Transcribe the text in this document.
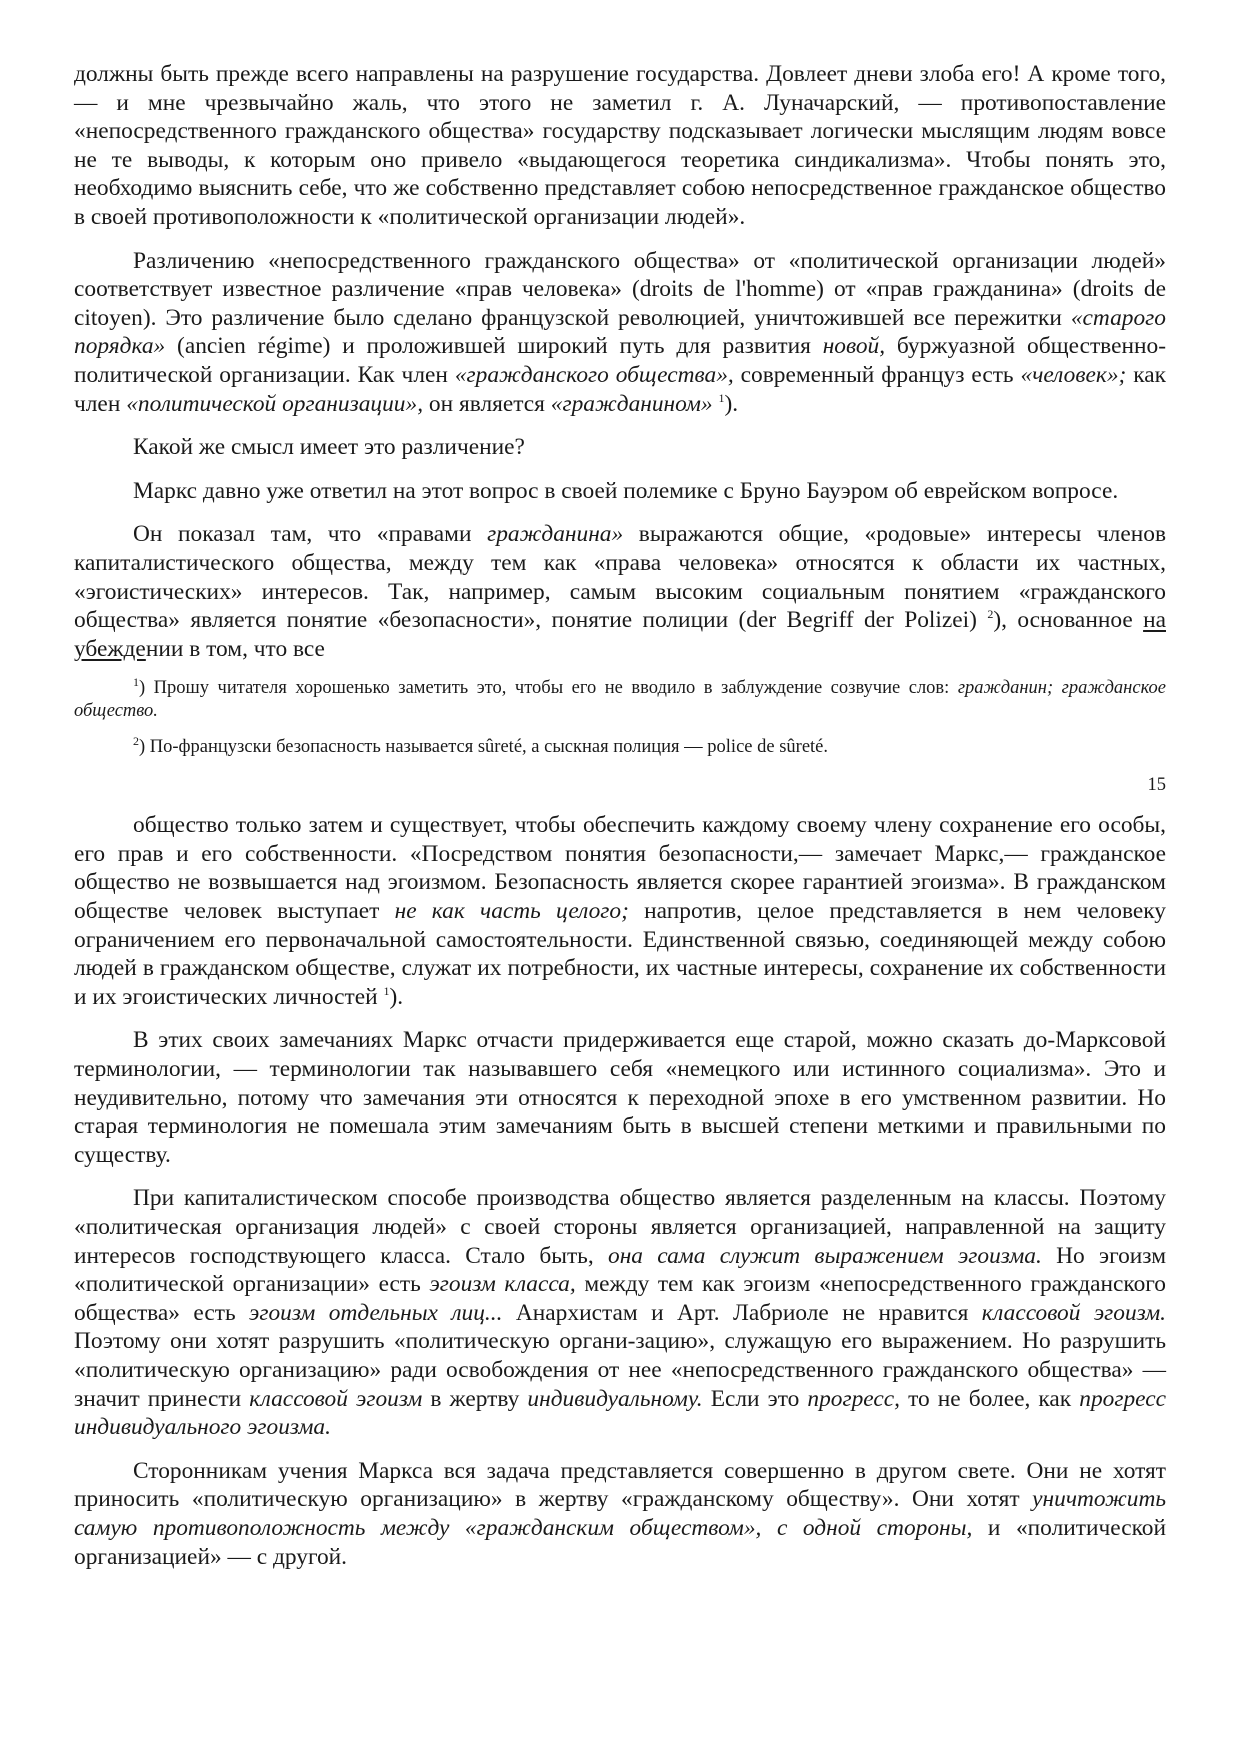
должны быть прежде всего направлены на разрушение государства. Довлеет дневи злоба его! А кроме того,— и мне чрезвычайно жаль, что этого не заметил г. А. Луначарский, — противопоставление «непосредственного гражданского общества» государству подсказывает логически мыслящим людям вовсе не те выводы, к которым оно привело «выдающегося теоретика синдикализма». Чтобы понять это, необходимо выяснить себе, что же собственно представляет собою непосредственное гражданское общество в своей противоположности к «политической организации людей».

Различению «непосредственного гражданского общества» от «политической организации людей» соответствует известное различение «прав человека» (droits de l'homme) от «прав гражданина» (droits de citoyen). Это различение было сделано французской революцией, уничтожившей все пережитки «старого порядка» (ancien régime) и проложившей широкий путь для развития новой, буржуазной общественно-политической организации. Как член «гражданского общества», современный француз есть «человек»; как член «политической организации», он является «гражданином» $^1$).

Какой же смысл имеет это различение?

Маркс давно уже ответил на этот вопрос в своей полемике с Бруно Бауэром об еврейском вопросе.

Он показал там, что «правами гражданина» выражаются общие, «родовые» интересы членов капиталистического общества, между тем как «права человека» относятся к области их частных, «эгоистических» интересов. Так, например, самым высоким социальным понятием «гражданского общества» является понятие «безопасности», понятие полиции (der Begriff der Polizei) $^2$), основанное на убеждении в том, что все

$^1$) Прошу читателя хорошенько заметить это, чтобы его не вводило в заблуждение созвучие слов: гражданин; гражданское общество.

$^2$) По-французски безопасность называется sûreté, а сыскная полиция — police de sûreté.

15

общество только затем и существует, чтобы обеспечить каждому своему члену сохранение его особы, его прав и его собственности. «Посредством понятия безопасности,— замечает Маркс,— гражданское общество не возвышается над эгоизмом. Безопасность является скорее гарантией эгоизма». В гражданском обществе человек выступает не как часть целого; напротив, целое представляется в нем человеку ограничением его первоначальной самостоятельности. Единственной связью, соединяющей между собою людей в гражданском обществе, служат их потребности, их частные интересы, сохранение их собственности и их эгоистических личностей $^1$).

В этих своих замечаниях Маркс отчасти придерживается еще старой, можно сказать до-Марксовой терминологии, — терминологии так называвшего себя «немецкого или истинного социализма». Это и неудивительно, потому что замечания эти относятся к переходной эпохе в его умственном развитии. Но старая терминология не помешала этим замечаниям быть в высшей степени меткими и правильными по существу.

При капиталистическом способе производства общество является разделенным на классы. Поэтому «политическая организация людей» с своей стороны является организацией, направленной на защиту интересов господствующего класса. Стало быть, она сама служит выражением эгоизма. Но эгоизм «политической организации» есть эгоизм класса, между тем как эгоизм «непосредственного гражданского общества» есть эгоизм отдельных лиц... Анархистам и Арт. Лабриоле не нравится классовой эгоизм. Поэтому они хотят разрушить «политическую органи-зацию», служащую его выражением. Но разрушить «политическую организацию» ради освобождения от нее «непосредственного гражданского общества» — значит принести классовой эгоизм в жертву индивидуальному. Если это прогресс, то не более, как прогресс индивидуального эгоизма.

Сторонникам учения Маркса вся задача представляется совершенно в другом свете. Они не хотят приносить «политическую организацию» в жертву «гражданскому обществу». Они хотят уничтожить самую противоположность между «гражданским обществом», с одной стороны, и «политической организацией» — с другой.
